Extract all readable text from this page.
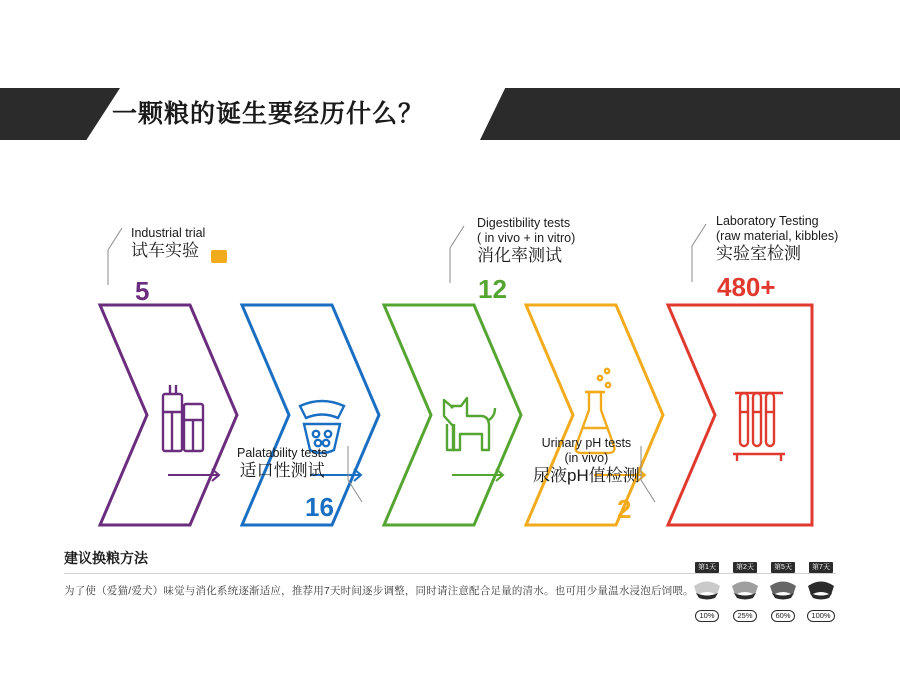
一颗粮的诞生要经历什么？
Industrial trial
试车实验
5
Digestibility tests
( in vivo + in vitro)
消化率测试
12
Laboratory Testing
(raw material, kibbles)
实验室检测
480+
Palatability tests
适口性测试
16
Urinary pH tests
(in vivo)
尿液pH值检测
2
建议换粮方法
为了使（爱猫/爱犬）味觉与消化系统逐渐适应，推荐用7天时间逐步调整，同时请注意配合足量的清水。也可用少量温水浸泡后饲喂。
第1天
10%
第2天
25%
第5天
60%
第7天
100%
